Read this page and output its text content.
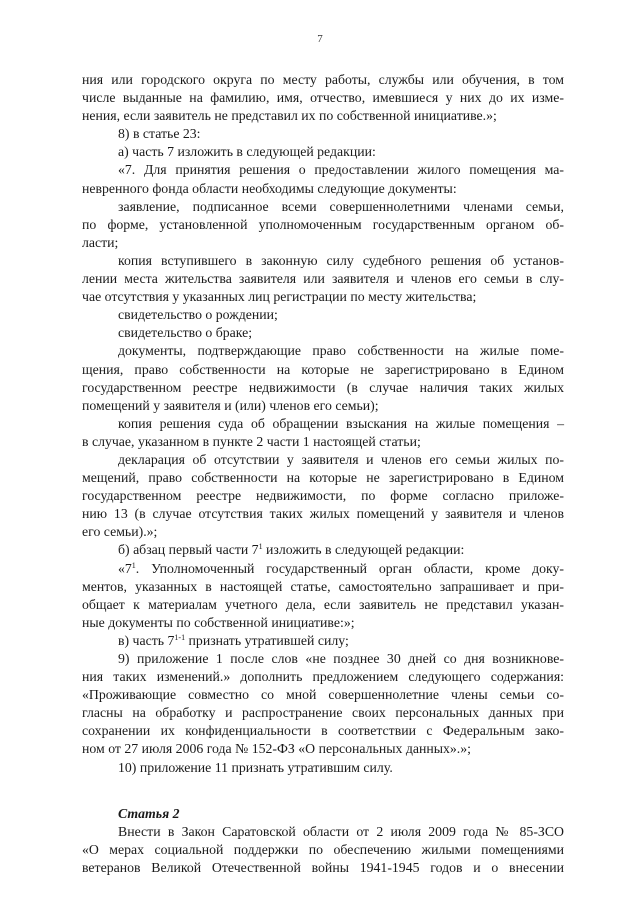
7
ния или городского округа по месту работы, службы или обучения, в том
числе выданные на фамилию, имя, отчество, имевшиеся у них до их изме-
нения, если заявитель не представил их по собственной инициативе.»;
8) в статье 23:
а) часть 7 изложить в следующей редакции:
«7. Для принятия решения о предоставлении жилого помещения ма-
невренного фонда области необходимы следующие документы:
заявление, подписанное всеми совершеннолетними членами семьи,
по форме, установленной уполномоченным государственным органом об-
ласти;
копия вступившего в законную силу судебного решения об установ-
лении места жительства заявителя или заявителя и членов его семьи в слу-
чае отсутствия у указанных лиц регистрации по месту жительства;
свидетельство о рождении;
свидетельство о браке;
документы, подтверждающие право собственности на жилые поме-
щения, право собственности на которые не зарегистрировано в Едином
государственном реестре недвижимости (в случае наличия таких жилых
помещений у заявителя и (или) членов его семьи);
копия решения суда об обращении взыскания на жилые помещения –
в случае, указанном в пункте 2 части 1 настоящей статьи;
декларация об отсутствии у заявителя и членов его семьи жилых по-
мещений, право собственности на которые не зарегистрировано в Едином
государственном реестре недвижимости, по форме согласно приложе-
нию 13 (в случае отсутствия таких жилых помещений у заявителя и членов
его семьи).»;
б) абзац первый части $7^1$ изложить в следующей редакции:
«$7^1$. Уполномоченный государственный орган области, кроме доку-
ментов, указанных в настоящей статье, самостоятельно запрашивает и при-
общает к материалам учетного дела, если заявитель не представил указан-
ные документы по собственной инициативе:»;
в) часть 7$^{1-1}$ признать утратившей силу;
9) приложение 1 после слов «не позднее 30 дней со дня возникнове-
ния таких изменений.» дополнить предложением следующего содержания:
«Проживающие совместно со мной совершеннолетние члены семьи со-
гласны на обработку и распространение своих персональных данных при
сохранении их конфиденциальности в соответствии с Федеральным зако-
ном от 27 июля 2006 года № 152-ФЗ «О персональных данных».»;
10) приложение 11 признать утратившим силу.
Статья 2
Внести в Закон Саратовской области от 2 июля 2009 года № 85-ЗСО
«О мерах социальной поддержки по обеспечению жилыми помещениями
ветеранов Великой Отечественной войны 1941-1945 годов и о внесении
